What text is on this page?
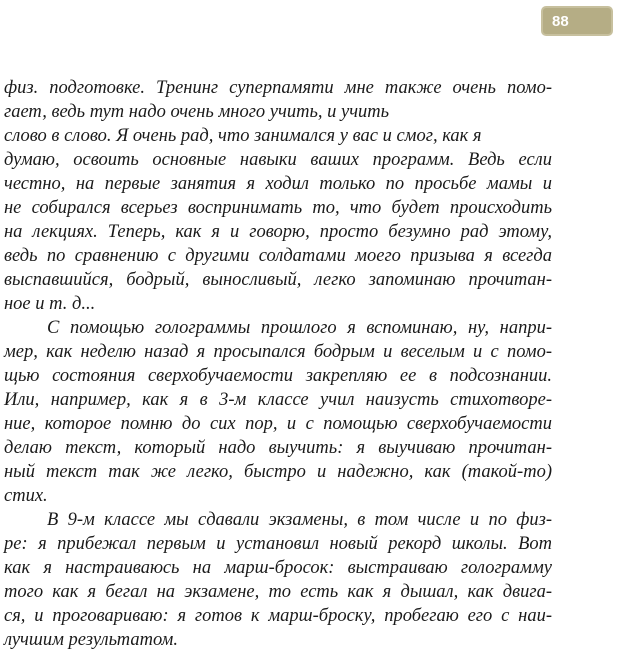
88
физ. подготовке. Тренинг суперпамяти мне также очень помо-
гает, ведь тут надо очень много учить, и учить
слово в слово. Я очень рад, что занимался у вас и смог, как я
думаю, освоить основные навыки ваших программ. Ведь если
честно, на первые занятия я ходил только по просьбе мамы и
не собирался всерьез воспринимать то, что будет происходить
на лекциях. Теперь, как я и говорю, просто безумно рад этому,
ведь по сравнению с другими солдатами моего призыва я всегда
выспавшийся, бодрый, выносливый, легко запоминаю прочитан-
ное и т. д...
С помощью голограммы прошлого я вспоминаю, ну, напри-
мер, как неделю назад я просыпался бодрым и веселым и с помо-
щью состояния сверхобучаемости закрепляю ее в подсознании.
Или, например, как я в 3-м классе учил наизусть стихотворе-
ние, которое помню до сих пор, и с помощью сверхобучаемости
делаю текст, который надо выучить: я выучиваю прочитан-
ный текст так же легко, быстро и надежно, как (такой-то)
стих.
В 9-м классе мы сдавали экзамены, в том числе и по физ-
ре: я прибежал первым и установил новый рекорд школы. Вот
как я настраиваюсь на марш-бросок: выстраиваю голограмму
того как я бегал на экзамене, то есть как я дышал, как двига-
ся, и проговариваю: я готов к марш-броску, пробегаю его с наи-
лучшим результатом.
